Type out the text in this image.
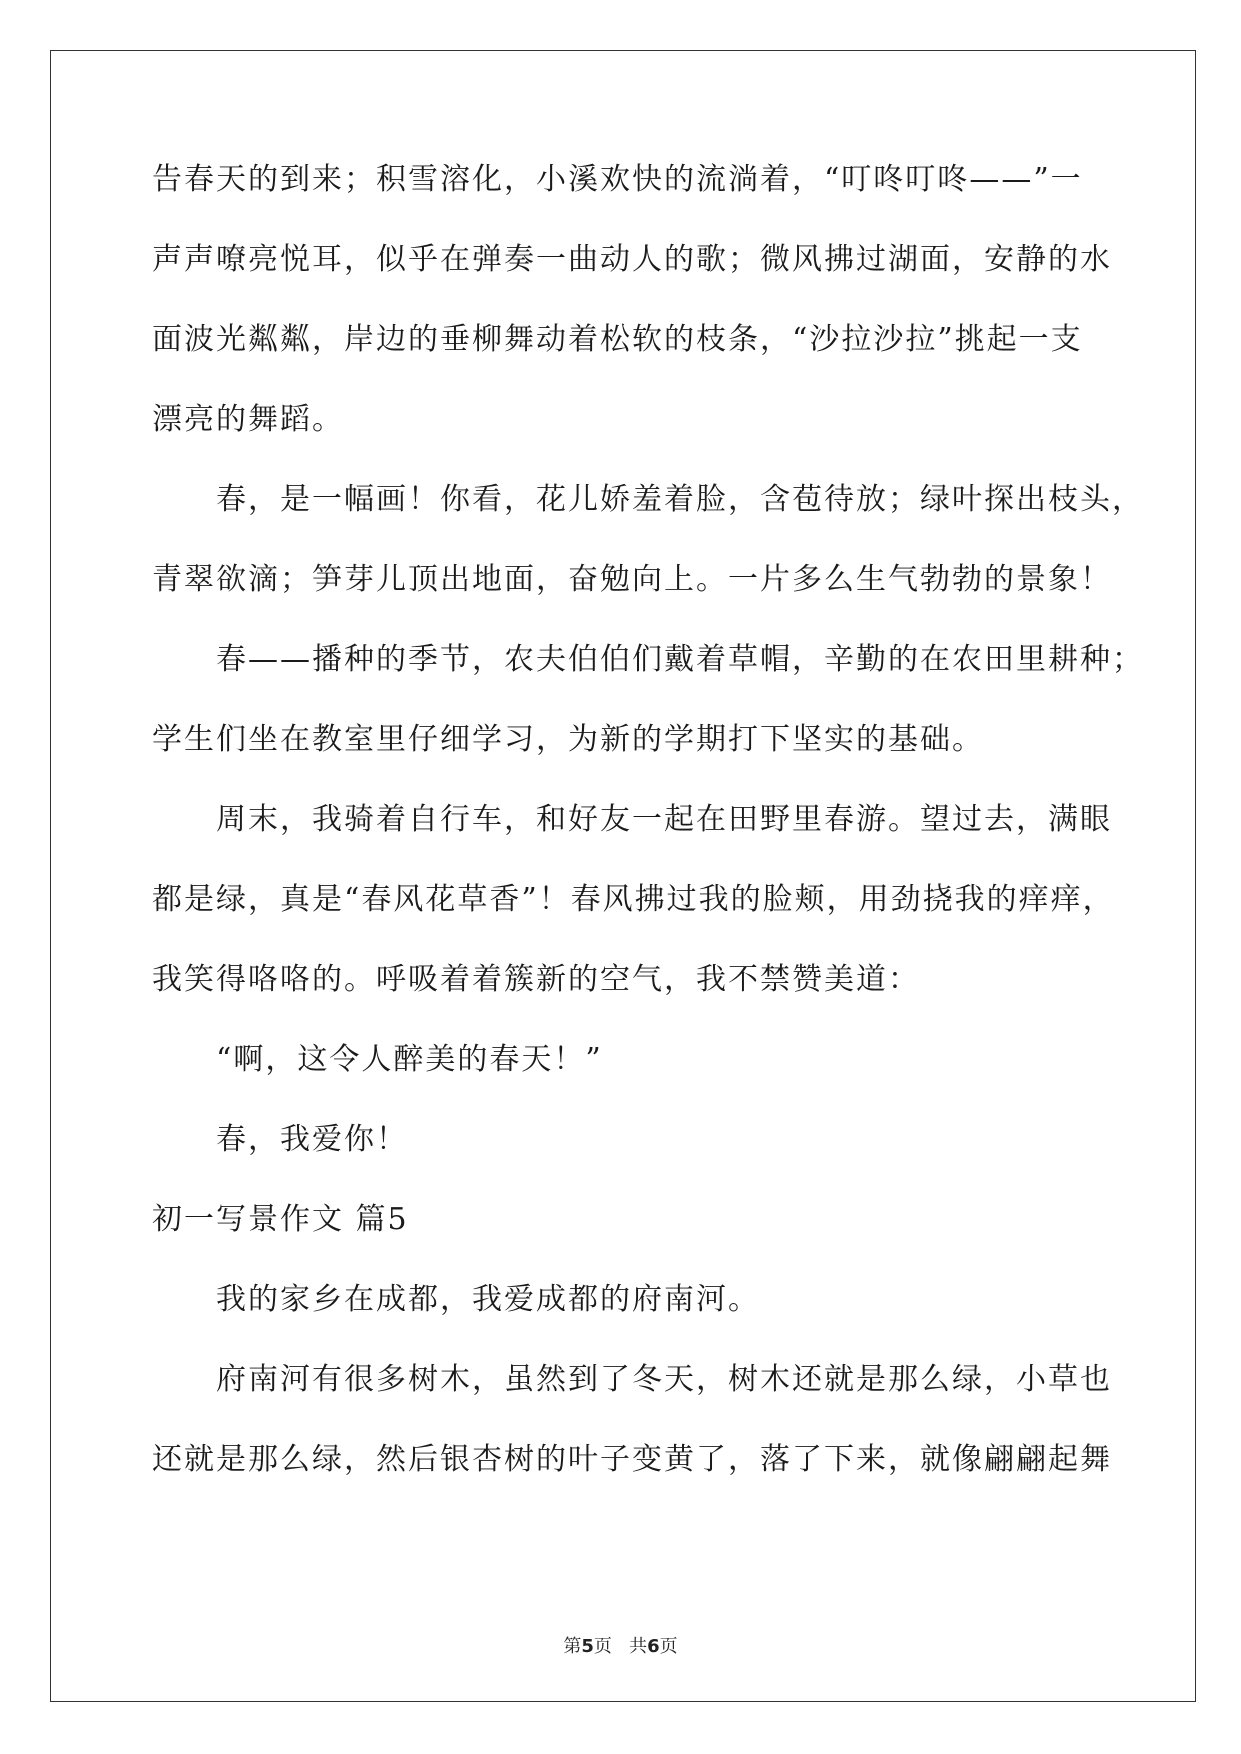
告春天的到来；积雪溶化，小溪欢快的流淌着，“叮咚叮咚——”一
声声嘹亮悦耳，似乎在弹奏一曲动人的歌；微风拂过湖面，安静的水
面波光粼粼，岸边的垂柳舞动着松软的枝条，“沙拉沙拉”挑起一支
漂亮的舞蹈。
春，是一幅画！你看，花儿娇羞着脸，含苞待放；绿叶探出枝头，
青翠欲滴；笋芽儿顶出地面，奋勉向上。一片多么生气勃勃的景象！
春——播种的季节，农夫伯伯们戴着草帽，辛勤的在农田里耕种；
学生们坐在教室里仔细学习，为新的学期打下坚实的基础。
周末，我骑着自行车，和好友一起在田野里春游。望过去，满眼
都是绿，真是“春风花草香”！春风拂过我的脸颊，用劲挠我的痒痒，
我笑得咯咯的。呼吸着着簇新的空气，我不禁赞美道：
“啊，这令人醉美的春天！”
春，我爱你！
初一写景作文 篇5
我的家乡在成都，我爱成都的府南河。
府南河有很多树木，虽然到了冬天，树木还就是那么绿，小草也
还就是那么绿，然后银杏树的叶子变黄了，落了下来，就像翩翩起舞
第5页 共6页
